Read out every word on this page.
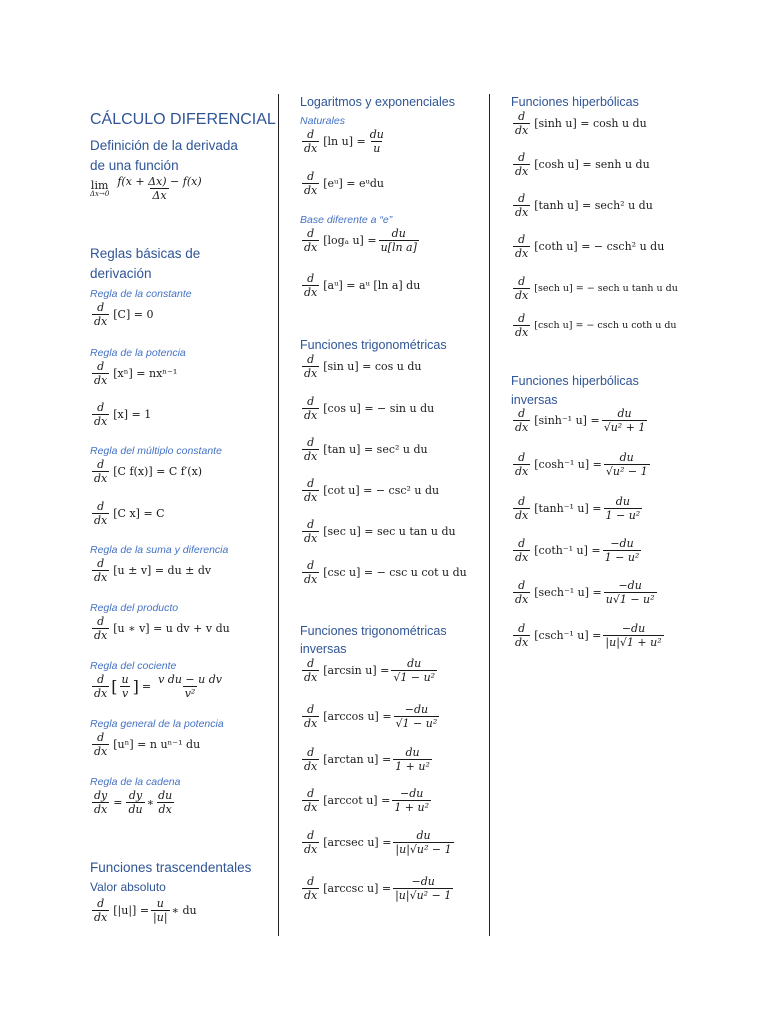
CÁLCULO DIFERENCIAL
Definición de la derivada
de una función
lim
$\Delta x\to 0 \frac{f(x + \Delta x) - f(x)}{\Delta x}$
Reglas básicas de
derivación
Regla de la constante
$\frac{d}{dx} [C] = 0$
Regla de la potencia
$\frac{d}{dx} [x^n] = nx^{n-1}$
$\frac{d}{dx} [x] = 1$
Regla del múltiplo constante
$\frac{d}{dx} [C$ f(x)] = C f′(x)
$\frac{d}{dx} [C$ x] = C
Regla de la suma y diferencia
$\frac{d}{dx} [u \pm v]$ = du ± dv
Regla del producto
$\frac{d}{dx} [u$ ∗ v] = u dv + v du
Regla del cociente
$\frac{d}{dx}$ [ $\frac{u}{v}$ ] = $\frac{\text{v du − u dv}}{\text{v²}}$
Regla general de la potencia
$\frac{d}{dx} [u^n] = n$ uⁿ⁻¹ du
Regla de la cadena
$\frac{dy}{dx} = \frac{dy}{du}$ ∗ $\frac{du}{dx}$
Funciones trascendentales
Valor absoluto
$\frac{d}{dx} [|u|] = \frac{u}{|u|}$ ∗ du
Logaritmos y exponenciales
Naturales
$\frac{d}{dx} [\ln$ $u] = \frac{du}{u}$
$\frac{d}{dx}$ [eᵘ] = eᵘdu
Base diferente a “e”
$\frac{d}{dx} [\log_a$ $u] = \frac{du}{\text{u[ln a]}}$
$\frac{d}{dx}$ [aᵘ] = aᵘ [ln a] du
Funciones trigonométricas
$\frac{d}{dx} [\sin$ u] = cos u du
$\frac{d}{dx} [\cos$ u] = − sin u du
$\frac{d}{dx} [\tan$ u] = sec² u du
$\frac{d}{dx} [\cot$ u] = − csc² u du
$\frac{d}{dx} [\sec$ u] = sec u tan u du
$\frac{d}{dx} [\csc$ u] = − csc u cot u du
Funciones trigonométricas
inversas
$\frac{d}{dx} [\arcsin$ $u] = \frac{du}{\text{√1 − u²}}$
$\frac{d}{dx} [\arccos$ $u] = \frac{-du}{\text{√1 − u²}}$
$\frac{d}{dx} [\arctan$ $u] = \frac{du}{\text{1 + u²}}$
$\frac{d}{dx} [arccot$ $u] = \frac{-du}{\text{1 + u²}}$
$\frac{d}{dx} [arcsec$ $u] = \frac{du}{\text{|u|√u² − 1}}$
$\frac{d}{dx} [arccsc$ $u] = \frac{-du}{\text{|u|√u² − 1}}$
Funciones hiperbólicas
$\frac{d}{dx} [\sinh$ u] = cosh u du
$\frac{d}{dx} [\cosh$ u] = senh u du
$\frac{d}{dx} [\tanh$ u] = sech² u du
$\frac{d}{dx} [\cot h$ u] = − csch² u du
$\frac{d}{dx} [\sec h$ u] = − sech u tanh u du
$\frac{d}{dx} [\csc h$ u] = − csch u coth u du
Funciones hiperbólicas
inversas
$\frac{d}{dx} [\sinh^{-1}$ $u] = \frac{du}{\text{√u² + 1}}$
$\frac{d}{dx} [\cosh^{-1}$ $u] = \frac{du}{\text{√u² − 1}}$
$\frac{d}{dx} [\tanh^{-1}$ $u] = \frac{du}{\text{1 − u²}}$
$\frac{d}{dx} [\cot h^{-1}$ $u] = \frac{-du}{\text{1 − u²}}$
$\frac{d}{dx} [\sec h^{-1}$ $u] = \frac{-du}{\text{u√1 − u²}}$
$\frac{d}{dx} [\csc h^{-1}$ $u] = \frac{-du}{\text{|u|√1 + u²}}$
